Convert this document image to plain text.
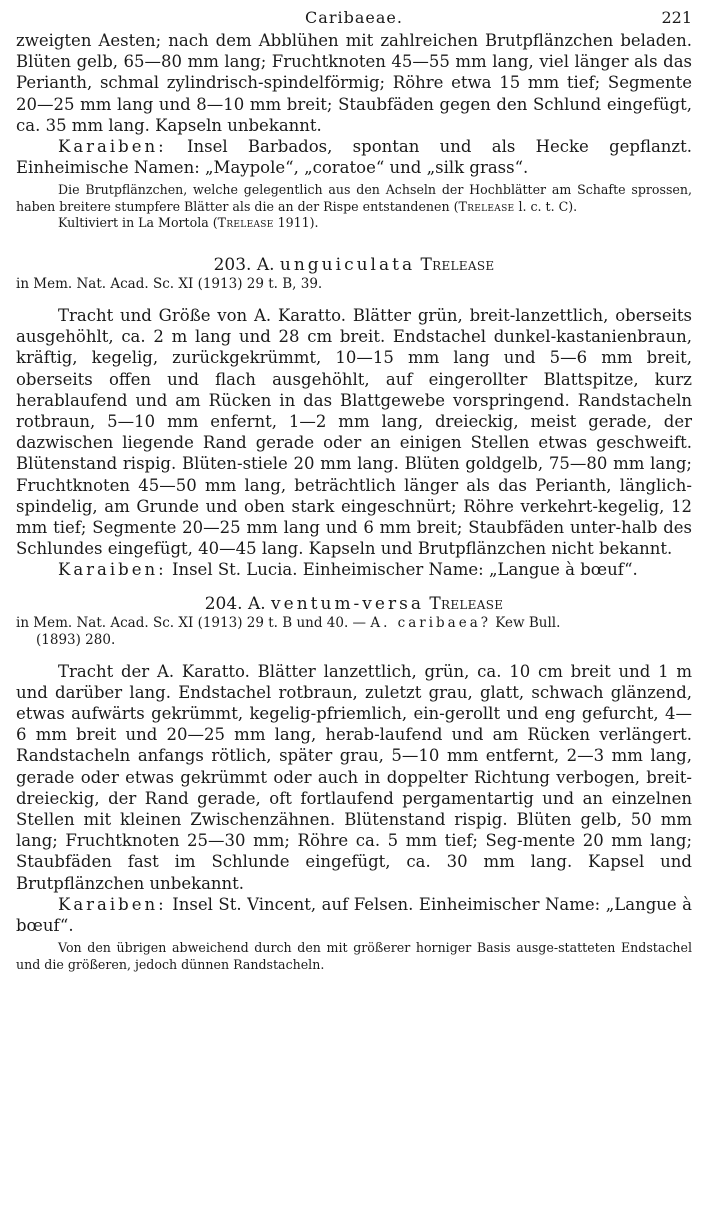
Caribaeae.	221

zweigten Aesten; nach dem Abblühen mit zahlreichen Brutpflänzchen beladen. Blüten gelb, 65—80 mm lang; Fruchtknoten 45—55 mm lang, viel länger als das Perianth, schmal zylindrisch-spindelförmig; Röhre etwa 15 mm tief; Segmente 20—25 mm lang und 8—10 mm breit; Staubfäden gegen den Schlund eingefügt, ca. 35 mm lang. Kapseln unbekannt.

Karaiben: Insel Barbados, spontan und als Hecke gepflanzt. Einheimische Namen: „Maypole“, „coratoe“ und „silk grass“.

Die Brutpflänzchen, welche gelegentlich aus den Achseln der Hochblätter am Schafte sprossen, haben breitere stumpfere Blätter als die an der Rispe entstandenen (Trelease l. c. t. C).

Kultiviert in La Mortola (Trelease 1911).

203. A. unguiculata Trelease

in Mem. Nat. Acad. Sc. XI (1913) 29 t. B, 39.

Tracht und Größe von A. Karatto. Blätter grün, breit-lanzettlich, oberseits ausgehöhlt, ca. 2 m lang und 28 cm breit. Endstachel dunkel-kastanienbraun, kräftig, kegelig, zurückgekrümmt, 10—15 mm lang und 5—6 mm breit, oberseits offen und flach ausgehöhlt, auf eingerollter Blattspitze, kurz herablaufend und am Rücken in das Blattgewebe vorspringend. Randstacheln rotbraun, 5—10 mm enfernt, 1—2 mm lang, dreieckig, meist gerade, der dazwischen liegende Rand gerade oder an einigen Stellen etwas geschweift. Blütenstand rispig. Blüten-stiele 20 mm lang. Blüten goldgelb, 75—80 mm lang; Fruchtknoten 45—50 mm lang, beträchtlich länger als das Perianth, länglich-spindelig, am Grunde und oben stark eingeschnürt; Röhre verkehrt-kegelig, 12 mm tief; Segmente 20—25 mm lang und 6 mm breit; Staubfäden unter-halb des Schlundes eingefügt, 40—45 lang. Kapseln und Brutpflänzchen nicht bekannt.

Karaiben: Insel St. Lucia. Einheimischer Name: „Langue à bœuf“.

204. A. ventum-versa Trelease

in Mem. Nat. Acad. Sc. XI (1913) 29 t. B und 40. — A. caribaea? Kew Bull.
(1893) 280.

Tracht der A. Karatto. Blätter lanzettlich, grün, ca. 10 cm breit und 1 m und darüber lang. Endstachel rotbraun, zuletzt grau, glatt, schwach glänzend, etwas aufwärts gekrümmt, kegelig-pfriemlich, ein-gerollt und eng gefurcht, 4—6 mm breit und 20—25 mm lang, herab-laufend und am Rücken verlängert. Randstacheln anfangs rötlich, später grau, 5—10 mm entfernt, 2—3 mm lang, gerade oder etwas gekrümmt oder auch in doppelter Richtung verbogen, breit-dreieckig, der Rand gerade, oft fortlaufend pergamentartig und an einzelnen Stellen mit kleinen Zwischenzähnen. Blütenstand rispig. Blüten gelb, 50 mm lang; Fruchtknoten 25—30 mm; Röhre ca. 5 mm tief; Seg-mente 20 mm lang; Staubfäden fast im Schlunde eingefügt, ca. 30 mm lang. Kapsel und Brutpflänzchen unbekannt.

Karaiben: Insel St. Vincent, auf Felsen. Einheimischer Name: „Langue à bœuf“.

Von den übrigen abweichend durch den mit größerer horniger Basis ausge-statteten Endstachel und die größeren, jedoch dünnen Randstacheln.
